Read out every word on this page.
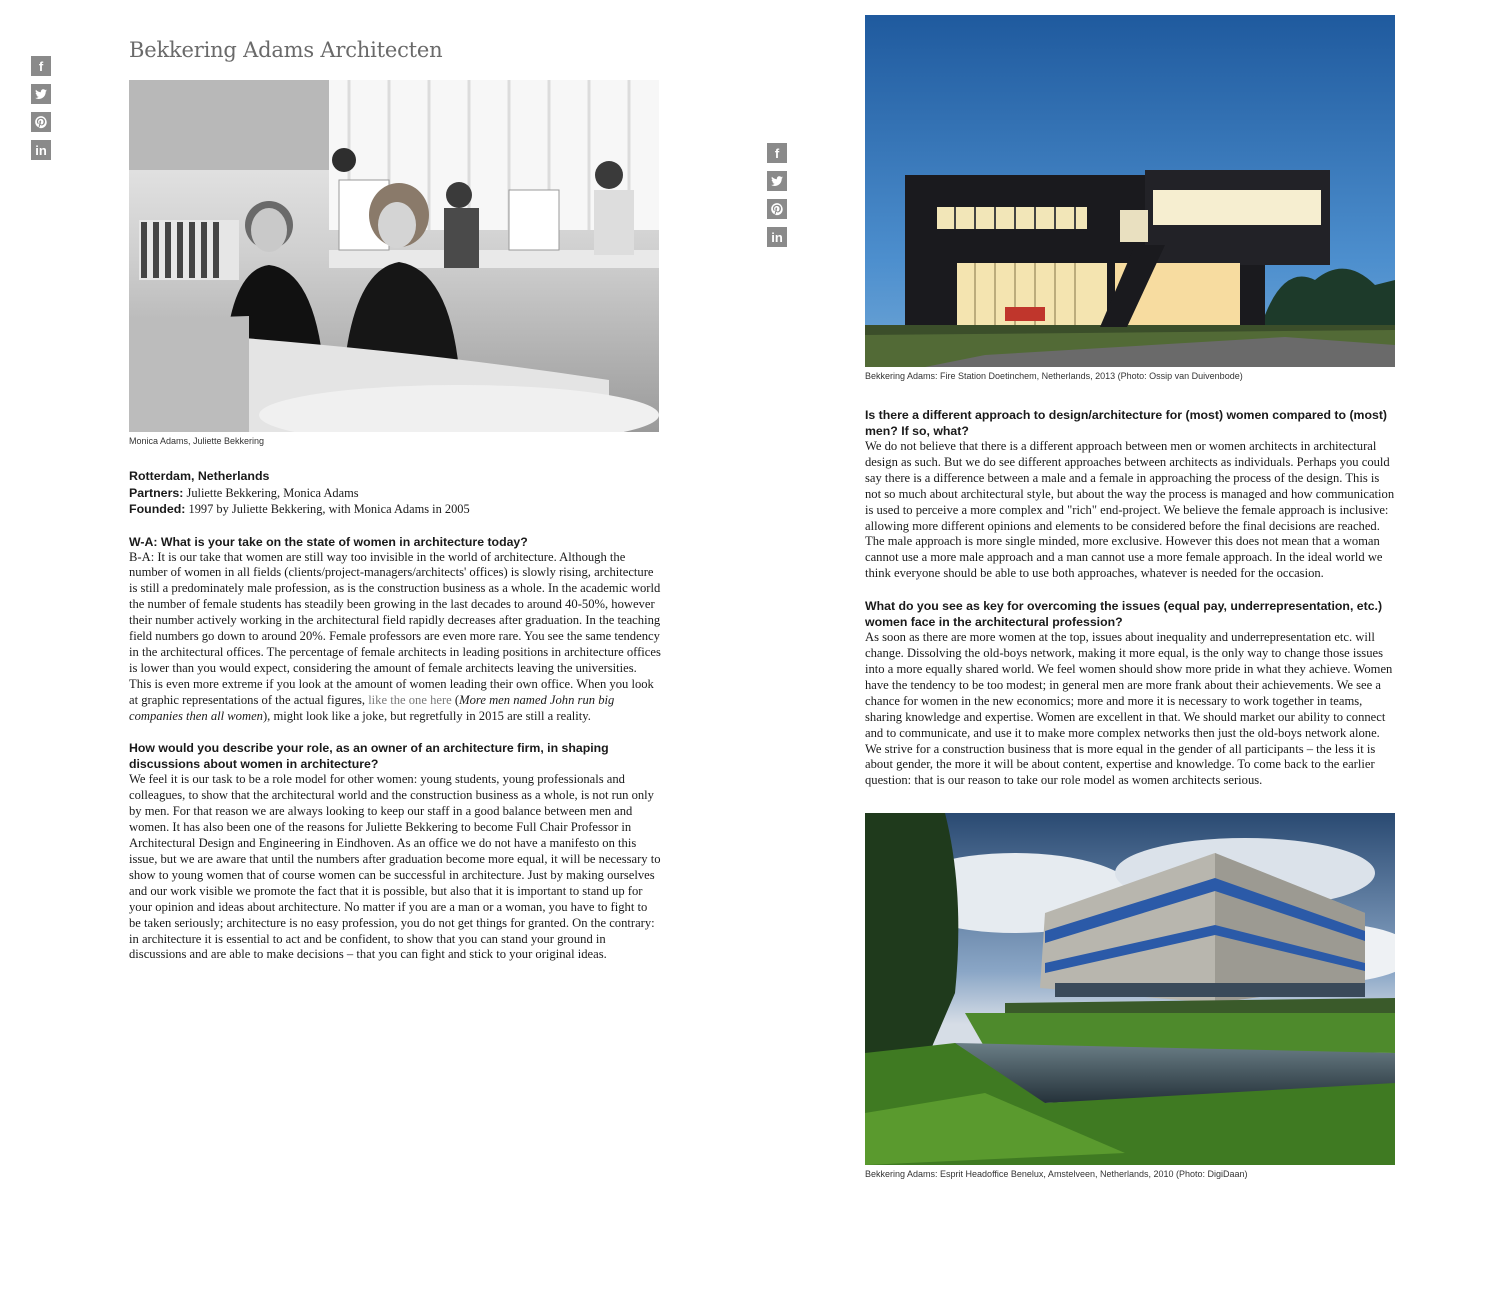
f
in	f
in
Bekkering Adams Architecten
Monica Adams, Juliette Bekkering
Rotterdam, Netherlands
Partners: Juliette Bekkering, Monica Adams
Founded: 1997 by Juliette Bekkering, with Monica Adams in 2005

W-A: What is your take on the state of women in architecture today?

B-A: It is our take that women are still way too invisible in the world of architecture. Although the number of women in all fields (clients/project-managers/architects' offices) is slowly rising, architecture is still a predominately male profession, as is the construction business as a whole. In the academic world the number of female students has steadily been growing in the last decades to around 40-50%, however their number actively working in the architectural field rapidly decreases after graduation. In the teaching field numbers go down to around 20%. Female professors are even more rare. You see the same tendency in the architectural offices. The percentage of female architects in leading positions in architecture offices is lower than you would expect, considering the amount of female architects leaving the universities. This is even more extreme if you look at the amount of women leading their own office. When you look at graphic representations of the actual figures, like the one here (More men named John run big companies then all women), might look like a joke, but regretfully in 2015 are still a reality.

How would you describe your role, as an owner of an architecture firm, in shaping discussions about women in architecture?

We feel it is our task to be a role model for other women: young students, young professionals and colleagues, to show that the architectural world and the construction business as a whole, is not run only by men. For that reason we are always looking to keep our staff in a good balance between men and women. It has also been one of the reasons for Juliette Bekkering to become Full Chair Professor in Architectural Design and Engineering in Eindhoven. As an office we do not have a manifesto on this issue, but we are aware that until the numbers after graduation become more equal, it will be necessary to show to young women that of course women can be successful in architecture. Just by making ourselves and our work visible we promote the fact that it is possible, but also that it is important to stand up for your opinion and ideas about architecture. No matter if you are a man or a woman, you have to fight to be taken seriously; architecture is no easy profession, you do not get things for granted. On the contrary: in architecture it is essential to act and be confident, to show that you can stand your ground in discussions and are able to make decisions – that you can fight and stick to your original ideas.

Bekkering Adams: Fire Station Doetinchem, Netherlands, 2013 (Photo: Ossip van Duivenbode)

Is there a different approach to design/architecture for (most) women compared to (most) men? If so, what?

We do not believe that there is a different approach between men or women architects in architectural design as such. But we do see different approaches between architects as individuals. Perhaps you could say there is a difference between a male and a female in approaching the process of the design. This is not so much about architectural style, but about the way the process is managed and how communication is used to perceive a more complex and "rich" end-project. We believe the female approach is inclusive: allowing more different opinions and elements to be considered before the final decisions are reached. The male approach is more single minded, more exclusive. However this does not mean that a woman cannot use a more male approach and a man cannot use a more female approach. In the ideal world we think everyone should be able to use both approaches, whatever is needed for the occasion.

What do you see as key for overcoming the issues (equal pay, underrepresentation, etc.) women face in the architectural profession?

As soon as there are more women at the top, issues about inequality and underrepresentation etc. will change. Dissolving the old-boys network, making it more equal, is the only way to change those issues into a more equally shared world. We feel women should show more pride in what they achieve. Women have the tendency to be too modest; in general men are more frank about their achievements. We see a chance for women in the new economics; more and more it is necessary to work together in teams, sharing knowledge and expertise. Women are excellent in that. We should market our ability to connect and to communicate, and use it to make more complex networks then just the old-boys network alone. We strive for a construction business that is more equal in the gender of all participants – the less it is about gender, the more it will be about content, expertise and knowledge. To come back to the earlier question: that is our reason to take our role model as women architects serious.

Bekkering Adams: Esprit Headoffice Benelux, Amstelveen, Netherlands, 2010 (Photo: DigiDaan)
